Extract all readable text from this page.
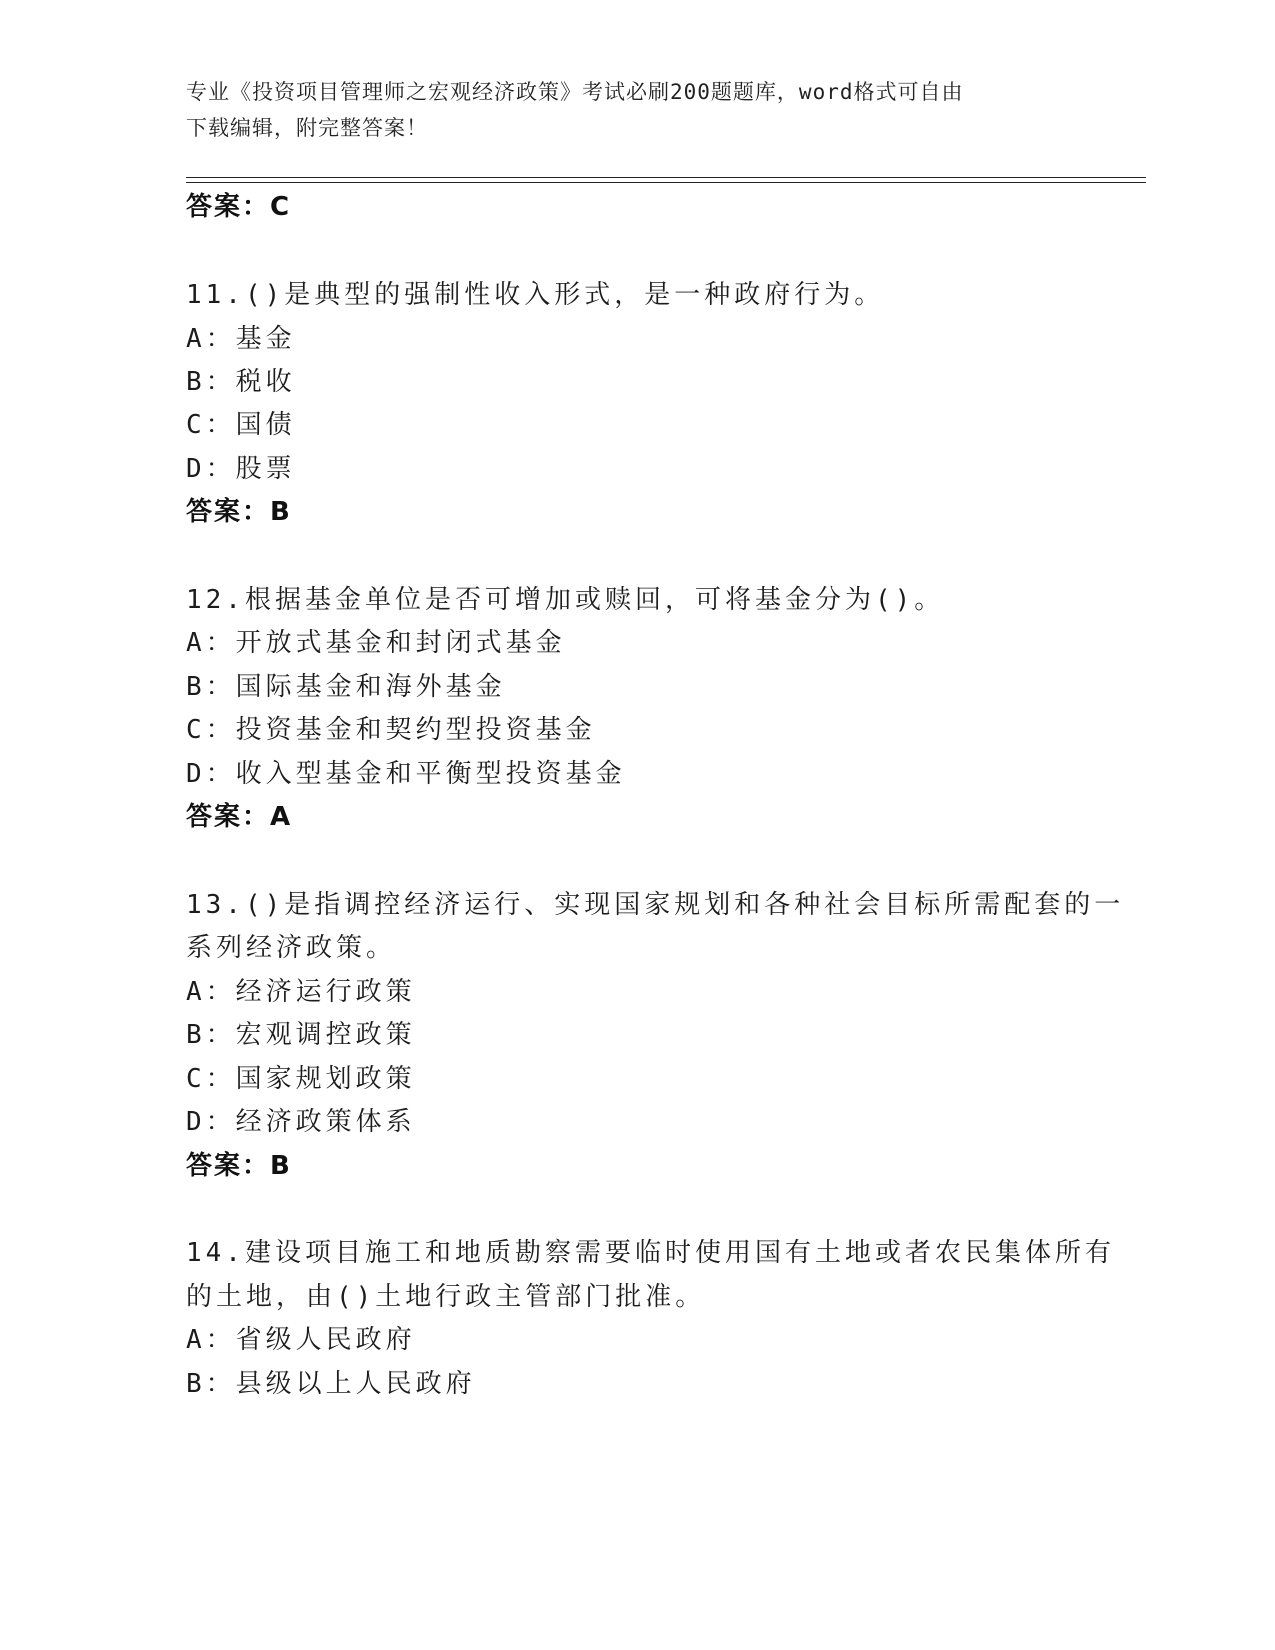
专业《投资项目管理师之宏观经济政策》考试必刷200题题库，word格式可自由
下载编辑，附完整答案！
答案：C
11.()是典型的强制性收入形式，是一种政府行为。
A：基金
B：税收
C：国债
D：股票
答案：B
12.根据基金单位是否可增加或赎回，可将基金分为()。
A：开放式基金和封闭式基金
B：国际基金和海外基金
C：投资基金和契约型投资基金
D：收入型基金和平衡型投资基金
答案：A
13.()是指调控经济运行、实现国家规划和各种社会目标所需配套的一
系列经济政策。
A：经济运行政策
B：宏观调控政策
C：国家规划政策
D：经济政策体系
答案：B
14.建设项目施工和地质勘察需要临时使用国有土地或者农民集体所有
的土地，由()土地行政主管部门批准。
A：省级人民政府
B：县级以上人民政府
